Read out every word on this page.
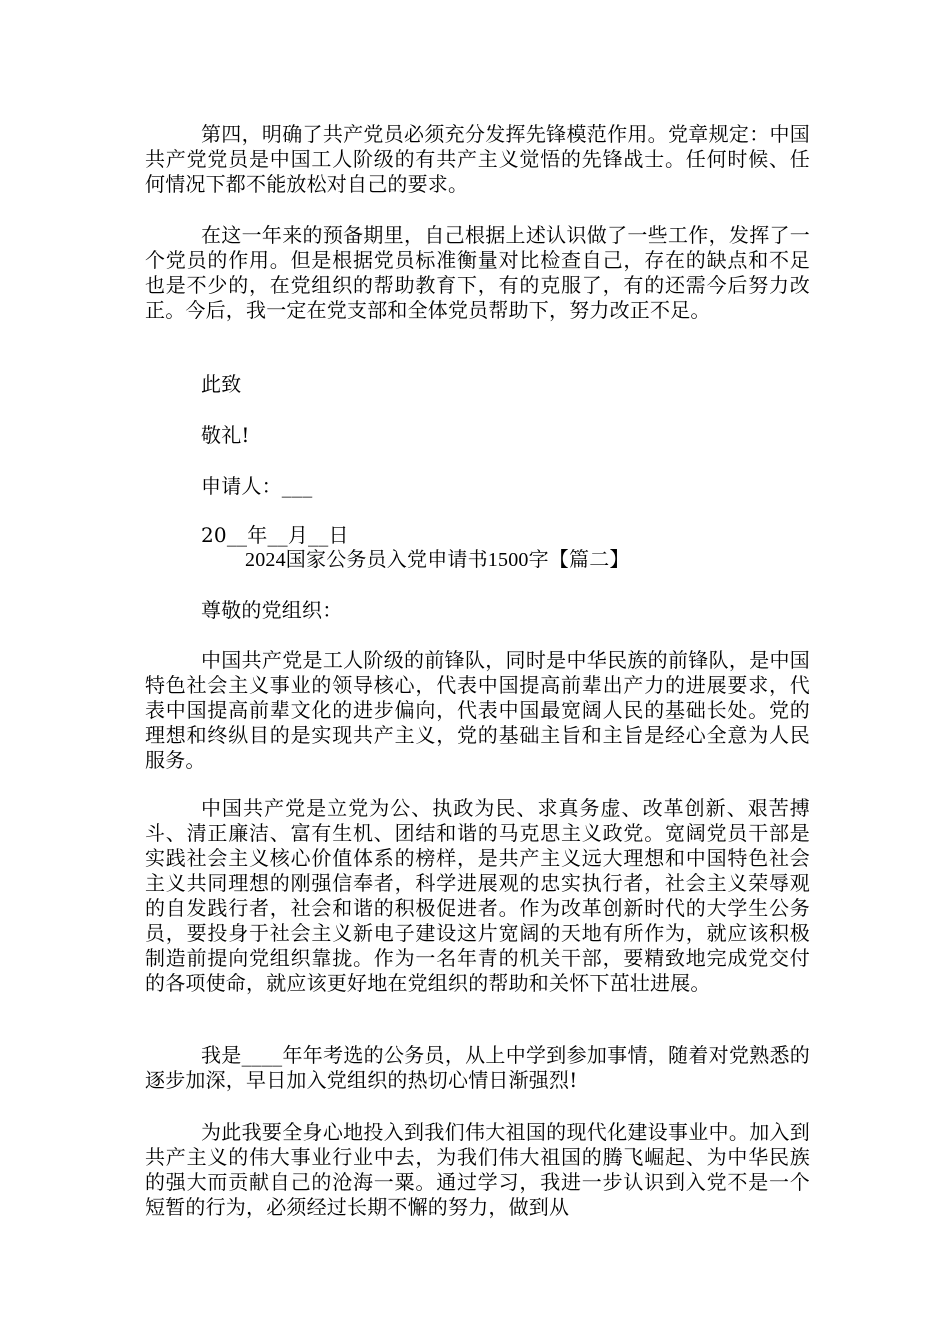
第四，明确了共产党员必须充分发挥先锋模范作用。党章规定：中国共产党党员是中国工人阶级的有共产主义觉悟的先锋战士。任何时候、任何情况下都不能放松对自己的要求。

在这一年来的预备期里，自己根据上述认识做了一些工作，发挥了一个党员的作用。但是根据党员标准衡量对比检查自己，存在的缺点和不足也是不少的，在党组织的帮助教育下，有的克服了，有的还需今后努力改正。今后，我一定在党支部和全体党员帮助下，努力改正不足。

此致

敬礼!

申请人：___

20__年__月__日

2024国家公务员入党申请书1500字【篇二】

尊敬的党组织：

中国共产党是工人阶级的前锋队，同时是中华民族的前锋队，是中国特色社会主义事业的领导核心，代表中国提高前辈出产力的进展要求，代表中国提高前辈文化的进步偏向，代表中国最宽阔人民的基础长处。党的理想和终纵目的是实现共产主义，党的基础主旨和主旨是经心全意为人民服务。

中国共产党是立党为公、执政为民、求真务虚、改革创新、艰苦搏斗、清正廉洁、富有生机、团结和谐的马克思主义政党。宽阔党员干部是实践社会主义核心价值体系的榜样，是共产主义远大理想和中国特色社会主义共同理想的刚强信奉者，科学进展观的忠实执行者，社会主义荣辱观的自发践行者，社会和谐的积极促进者。作为改革创新时代的大学生公务员，要投身于社会主义新电子建设这片宽阔的天地有所作为，就应该积极制造前提向党组织靠拢。作为一名年青的机关干部，要精致地完成党交付的各项使命，就应该更好地在党组织的帮助和关怀下茁壮进展。

我是____年年考选的公务员，从上中学到参加事情，随着对党熟悉的逐步加深，早日加入党组织的热切心情日渐强烈!

为此我要全身心地投入到我们伟大祖国的现代化建设事业中。加入到共产主义的伟大事业行业中去，为我们伟大祖国的腾飞崛起、为中华民族的强大而贡献自己的沧海一粟。通过学习，我进一步认识到入党不是一个短暂的行为，必须经过长期不懈的努力，做到从
